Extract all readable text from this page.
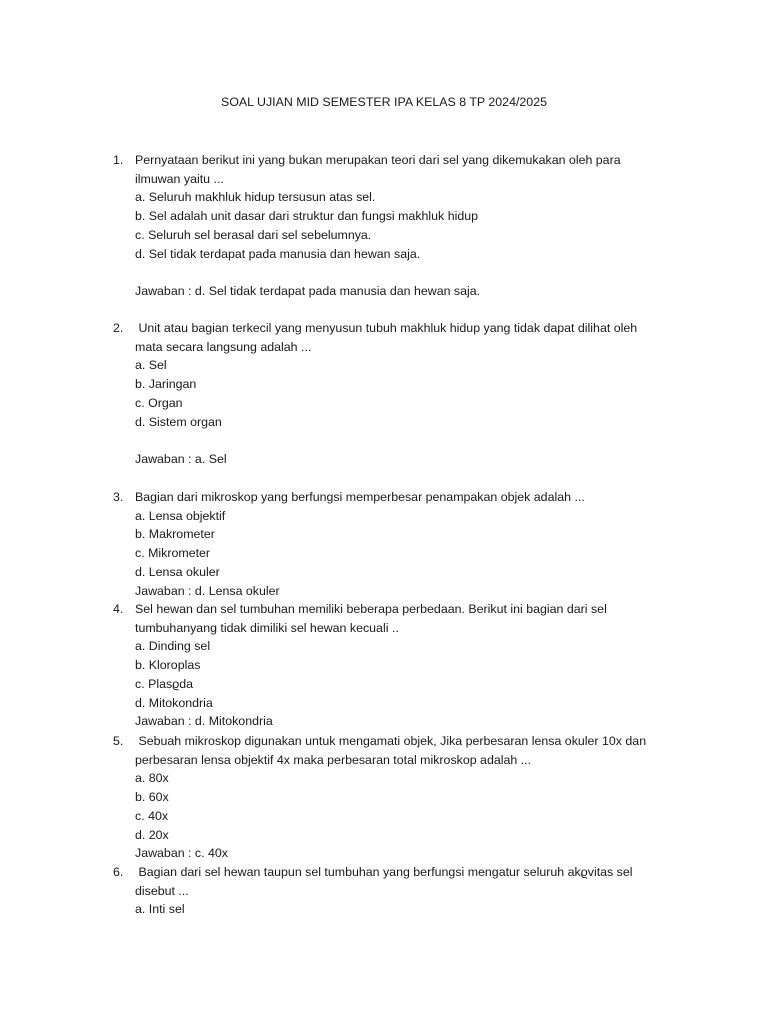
SOAL UJIAN MID SEMESTER IPA KELAS 8 TP 2024/2025
1. Pernyataan berikut ini yang bukan merupakan teori dari sel yang dikemukakan oleh para
ilmuwan yaitu ...
a. Seluruh makhluk hidup tersusun atas sel.
b. Sel adalah unit dasar dari struktur dan fungsi makhluk hidup
c. Seluruh sel berasal dari sel sebelumnya.
d. Sel tidak terdapat pada manusia dan hewan saja.
Jawaban : d. Sel tidak terdapat pada manusia dan hewan saja.
2. Unit atau bagian terkecil yang menyusun tubuh makhluk hidup yang tidak dapat dilihat oleh
mata secara langsung adalah ...
a. Sel
b. Jaringan
c. Organ
d. Sistem organ
Jawaban : a. Sel
3. Bagian dari mikroskop yang berfungsi memperbesar penampakan objek adalah ...
a. Lensa objektif
b. Makrometer
c. Mikrometer
d. Lensa okuler
Jawaban : d. Lensa okuler
4. Sel hewan dan sel tumbuhan memiliki beberapa perbedaan. Berikut ini bagian dari sel
tumbuhanyang tidak dimiliki sel hewan kecuali ..
a. Dinding sel
b. Kloroplas
c. Plasϱda
d. Mitokondria
Jawaban : d. Mitokondria
5. Sebuah mikroskop digunakan untuk mengamati objek, Jika perbesaran lensa okuler 10x dan
perbesaran lensa objektif 4x maka perbesaran total mikroskop adalah ...
a. 80x
b. 60x
c. 40x
d. 20x
Jawaban : c. 40x
6. Bagian dari sel hewan taupun sel tumbuhan yang berfungsi mengatur seluruh akϱvitas sel
disebut ...
a. Inti sel
